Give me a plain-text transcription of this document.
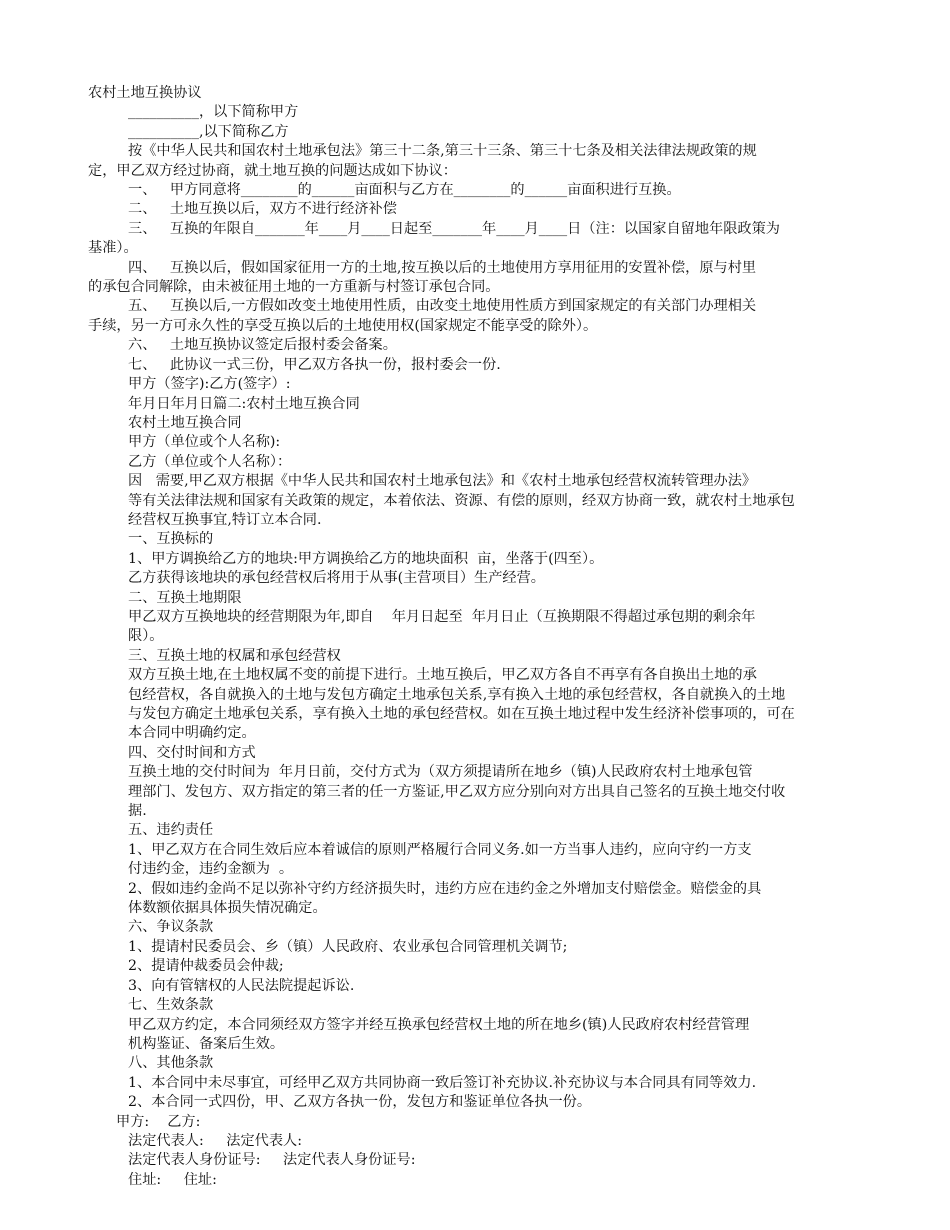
农村土地互换协议
__________，以下简称甲方
__________,以下简称乙方
按《中华人民共和国农村土地承包法》第三十二条,第三十三条、第三十七条及相关法律法规政策的规
定，甲乙双方经过协商，就土地互换的问题达成如下协议：
一、   甲方同意将________的______亩面积与乙方在________的______亩面积进行互换。
二、   土地互换以后，双方不进行经济补偿
三、   互换的年限自_______年____月____日起至_______年____月____日（注：以国家自留地年限政策为
基准）。
四、   互换以后，假如国家征用一方的土地,按互换以后的土地使用方享用征用的安置补偿，原与村里
的承包合同解除，由未被征用土地的一方重新与村签订承包合同。
五、   互换以后,一方假如改变土地使用性质，由改变土地使用性质方到国家规定的有关部门办理相关
手续，另一方可永久性的享受互换以后的土地使用权(国家规定不能享受的除外）。
六、   土地互换协议签定后报村委会备案。
七、   此协议一式三份，甲乙双方各执一份，报村委会一份.
甲方（签字):乙方(签字）:
年月日年月日篇二:农村土地互换合同
农村土地互换合同
甲方（单位或个人名称):
乙方（单位或个人名称）：
因   需要,甲乙双方根据《中华人民共和国农村土地承包法》和《农村土地承包经营权流转管理办法》
等有关法律法规和国家有关政策的规定，本着依法、资源、有偿的原则，经双方协商一致，就农村土地承包
经营权互换事宜,特订立本合同.
一、互换标的
1、甲方调换给乙方的地块:甲方调换给乙方的地块面积  亩，坐落于(四至）。
乙方获得该地块的承包经营权后将用于从事(主营项目）生产经营。
二、互换土地期限
甲乙双方互换地块的经营期限为年,即自    年月日起至  年月日止（互换期限不得超过承包期的剩余年
限）。
三、互换土地的权属和承包经营权
双方互换土地,在土地权属不变的前提下进行。土地互换后，甲乙双方各自不再享有各自换出土地的承
包经营权，各自就换入的土地与发包方确定土地承包关系,享有换入土地的承包经营权，各自就换入的土地
与发包方确定土地承包关系，享有换入土地的承包经营权。如在互换土地过程中发生经济补偿事项的，可在
本合同中明确约定。
四、交付时间和方式
互换土地的交付时间为  年月日前，交付方式为（双方须提请所在地乡（镇)人民政府农村土地承包管
理部门、发包方、双方指定的第三者的任一方鉴证,甲乙双方应分别向对方出具自己签名的互换土地交付收
据.
五、违约责任
1、甲乙双方在合同生效后应本着诚信的原则严格履行合同义务.如一方当事人违约，应向守约一方支
付违约金，违约金额为  。
2、假如违约金尚不足以弥补守约方经济损失时，违约方应在违约金之外增加支付赔偿金。赔偿金的具
体数额依据具体损失情况确定。
六、争议条款
1、提请村民委员会、乡（镇）人民政府、农业承包合同管理机关调节;
2、提请仲裁委员会仲裁;
3、向有管辖权的人民法院提起诉讼.
七、生效条款
甲乙双方约定，本合同须经双方签字并经互换承包经营权土地的所在地乡(镇)人民政府农村经营管理
机构鉴证、备案后生效。
八、其他条款
1、本合同中未尽事宜，可经甲乙双方共同协商一致后签订补充协议.补充协议与本合同具有同等效力.
2、本合同一式四份，甲、乙双方各执一份，发包方和鉴证单位各执一份。
甲方:    乙方:
法定代表人:     法定代表人:
法定代表人身份证号:     法定代表人身份证号:
住址:     住址:
